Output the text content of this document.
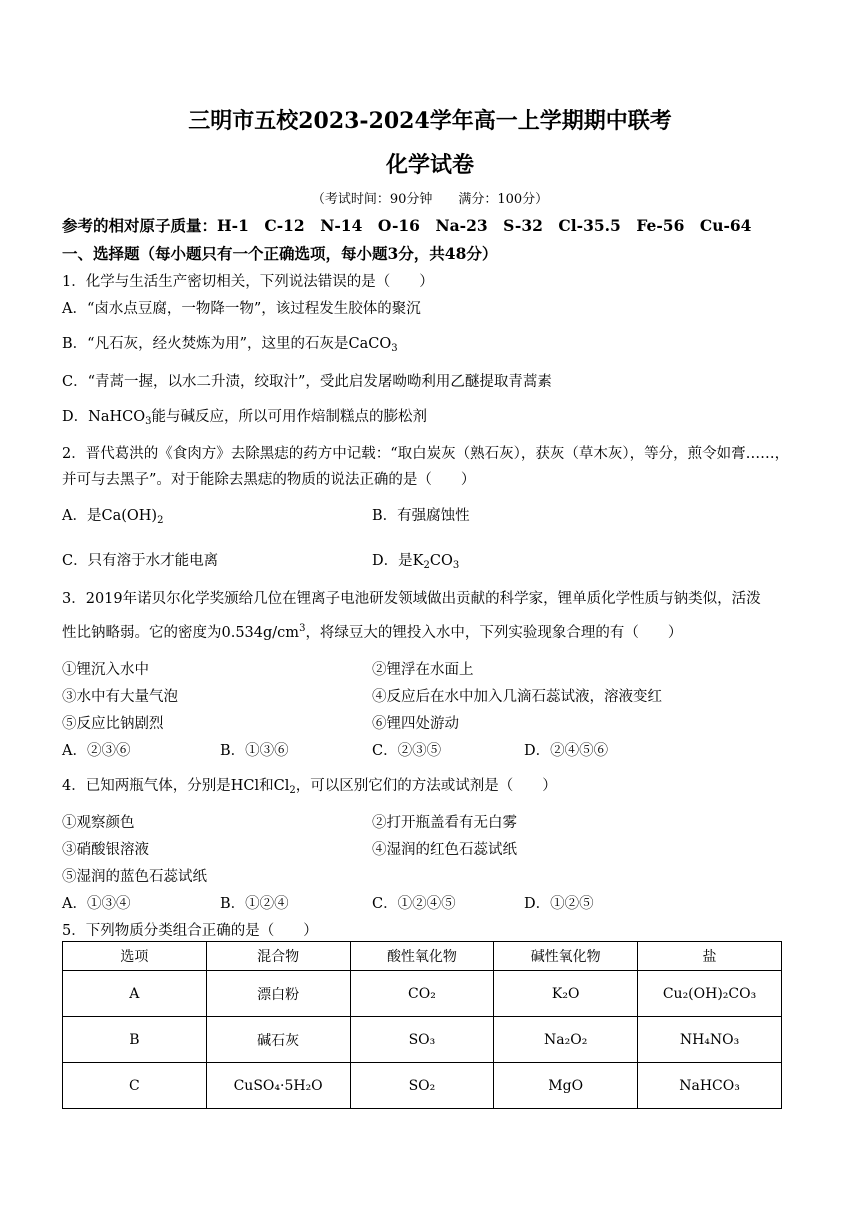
三明市五校2023-2024学年高一上学期期中联考
化学试卷
（考试时间：90分钟　　满分：100分）
参考的相对原子质量：H-1　C-12　N-14　O-16　Na-23　S-32　Cl-35.5　Fe-56　Cu-64
一、选择题（每小题只有一个正确选项，每小题3分，共48分）
1．化学与生活生产密切相关，下列说法错误的是（　　）
A．“卤水点豆腐，一物降一物”，该过程发生胶体的聚沉
B．“凡石灰，经火焚炼为用”，这里的石灰是CaCO$_3$
C．“青蒿一握，以水二升渍，绞取汁”，受此启发屠呦呦利用乙醚提取青蒿素
D．NaHCO$_3$能与碱反应，所以可用作焙制糕点的膨松剂
2．晋代葛洪的《食肉方》去除黑痣的药方中记载：“取白炭灰（熟石灰），获灰（草木灰），等分，煎令如膏……，
并可与去黑子”。对于能除去黑痣的物质的说法正确的是（　　）
A．是$Ca(OH)_2$	B．有强腐蚀性
C．只有溶于水才能电离	D．是$K_2CO_3$
3．2019年诺贝尔化学奖颁给几位在锂离子电池研发领域做出贡献的科学家，锂单质化学性质与钠类似，活泼
性比钠略弱。它的密度为$0.534g/cm^3$，将绿豆大的锂投入水中，下列实验现象合理的有（　　）
①锂沉入水中	②锂浮在水面上
③水中有大量气泡	④反应后在水中加入几滴石蕊试液，溶液变红
⑤反应比钠剧烈	⑥锂四处游动
A．②③⑥	B．①③⑥	C．②③⑤	D．②④⑤⑥
4．已知两瓶气体，分别是HCl和$Cl_2$，可以区别它们的方法或试剂是（　　）
①观察颜色	②打开瓶盖看有无白雾
③硝酸银溶液	④湿润的红色石蕊试纸
⑤湿润的蓝色石蕊试纸
A．①③④	B．①②④	C．①②④⑤	D．①②⑤
5．下列物质分类组合正确的是（　　）
选项	混合物	酸性氧化物	碱性氧化物	盐
A	漂白粉	CO₂	K₂O	Cu₂(OH)₂CO₃
B	碱石灰	SO₃	Na₂O₂	NH₄NO₃
C	CuSO₄·5H₂O	SO₂	MgO	NaHCO₃
